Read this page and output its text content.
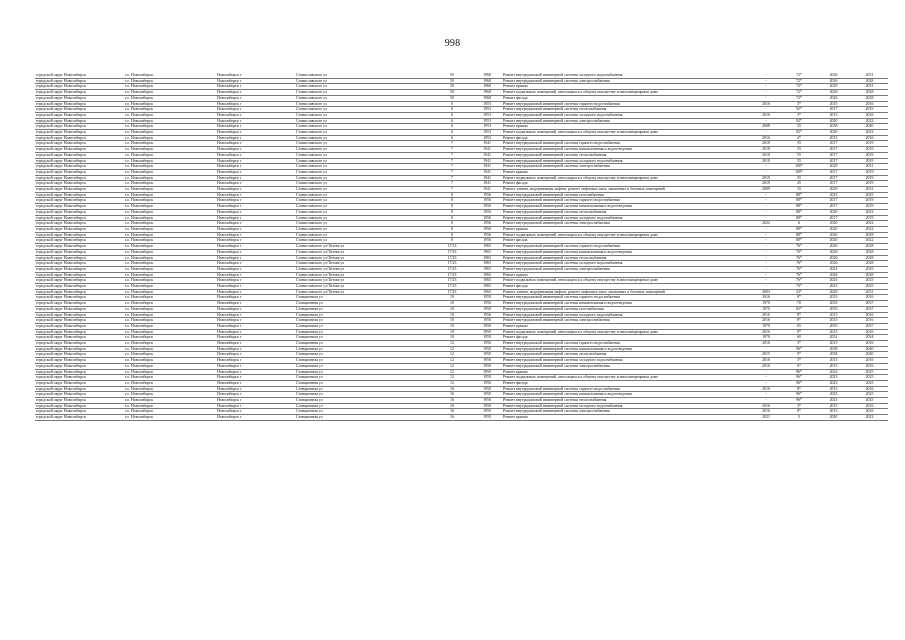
998
городской округ Новосибирск	г.о. Новосибирск	Новосибирск г	Станиславского ул	50	1968	Ремонт внутридомовой инженерной системы холодного водоснабжения	-	72*	2026	2031
городской округ Новосибирск	г.о. Новосибирск	Новосибирск г	Станиславского ул	50	1968	Ремонт внутридомовой инженерной системы электроснабжения	-	72*	2026	2028
городской округ Новосибирск	г.о. Новосибирск	Новосибирск г	Станиславского ул	50	1968	Ремонт крыши	-	72*	2029	2031
городской округ Новосибирск	г.о. Новосибирск	Новосибирск г	Станиславского ул	50	1968	Ремонт подвальных помещений, относящихся к общему имуществу в многоквартирном доме	-	72*	2026	2028
городской округ Новосибирск	г.о. Новосибирск	Новосибирск г	Станиславского ул	50	1968	Ремонт фасада	-	72*	2026	2028
городской округ Новосибирск	г.о. Новосибирск	Новосибирск г	Станиславского ул	6	1953	Ремонт внутридомовой инженерной системы горячего водоснабжения	2016	3*	2015	2016
городской округ Новосибирск	г.о. Новосибирск	Новосибирск г	Станиславского ул	6	1953	Ремонт внутридомовой инженерной системы теплоснабжения	-	92*	2017	2019
городской округ Новосибирск	г.о. Новосибирск	Новосибирск г	Станиславского ул	6	1953	Ремонт внутридомовой инженерной системы холодного водоснабжения	2016	3*	2015	2016
городской округ Новосибирск	г.о. Новосибирск	Новосибирск г	Станиславского ул	6	1953	Ремонт внутридомовой инженерной системы электроснабжения	-	92*	2020	2022
городской округ Новосибирск	г.о. Новосибирск	Новосибирск г	Станиславского ул	6	1953	Ремонт крыши	2008	35	2038	2040
городской округ Новосибирск	г.о. Новосибирск	Новосибирск г	Станиславского ул	6	1953	Ремонт подвальных помещений, относящихся к общему имуществу в многоквартирном доме	-	92*	2020	2022
городской округ Новосибирск	г.о. Новосибирск	Новосибирск г	Станиславского ул	6	1953	Ремонт фасада	2016	4*	2015	2016
городской округ Новосибирск	г.о. Новосибирск	Новосибирск г	Станиславского ул	7	1941	Ремонт внутридомовой инженерной системы горячего водоснабжения	2018	55	2017	2019
городской округ Новосибирск	г.о. Новосибирск	Новосибирск г	Станиславского ул	7	1941	Ремонт внутридомовой инженерной системы канализования и водоотведения	2018	55	2017	2019
городской округ Новосибирск	г.о. Новосибирск	Новосибирск г	Станиславского ул	7	1941	Ремонт внутридомовой инженерной системы теплоснабжения	2018	55	2017	2019
городской округ Новосибирск	г.о. Новосибирск	Новосибирск г	Станиславского ул	7	1941	Ремонт внутридомовой инженерной системы холодного водоснабжения	2018	55	2017	2019
городской округ Новосибирск	г.о. Новосибирск	Новосибирск г	Станиславского ул	7	1941	Ремонт внутридомовой инженерной системы электроснабжения	-	100*	2029	2031
городской округ Новосибирск	г.о. Новосибирск	Новосибирск г	Станиславского ул	7	1941	Ремонт крыши	-	100*	2017	2019
городской округ Новосибирск	г.о. Новосибирск	Новосибирск г	Станиславского ул	7	1941	Ремонт подвальных помещений, относящихся к общему имуществу в многоквартирном доме	2019	55	2017	2019
городской округ Новосибирск	г.о. Новосибирск	Новосибирск г	Станиславского ул	7	1941	Ремонт фасада	2019	45	2017	2019
городской округ Новосибирск	г.о. Новосибирск	Новосибирск г	Станиславского ул	7	1941	Ремонт, замена, модернизация лифтов, ремонт лифтовых шахт, машинных и блочных помещений	2009	35	2029	2031
городской округ Новосибирск	г.о. Новосибирск	Новосибирск г	Станиславского ул	8	1956	Ремонт внутридомовой инженерной системы газоснабжения	-	88*	2023	2025
городской округ Новосибирск	г.о. Новосибирск	Новосибирск г	Станиславского ул	8	1956	Ремонт внутридомовой инженерной системы горячего водоснабжения	-	88*	2017	2019
городской округ Новосибирск	г.о. Новосибирск	Новосибирск г	Станиславского ул	8	1956	Ремонт внутридомовой инженерной системы канализования и водоотведения	-	88*	2017	2019
городской округ Новосибирск	г.о. Новосибирск	Новосибирск г	Станиславского ул	8	1956	Ремонт внутридомовой инженерной системы теплоснабжения	-	88*	2020	2022
городской округ Новосибирск	г.о. Новосибирск	Новосибирск г	Станиславского ул	8	1956	Ремонт внутридомовой инженерной системы холодного водоснабжения	-	88*	2017	2019
городской округ Новосибирск	г.о. Новосибирск	Новосибирск г	Станиславского ул	8	1956	Ремонт внутридомовой инженерной системы электроснабжения	2022	6	2020	2022
городской округ Новосибирск	г.о. Новосибирск	Новосибирск г	Станиславского ул	8	1956	Ремонт крыши	-	88*	2020	2022
городской округ Новосибирск	г.о. Новосибирск	Новосибирск г	Станиславского ул	8	1956	Ремонт подвальных помещений, относящихся к общему имуществу в многоквартирном доме	-	88*	2026	2028
городской округ Новосибирск	г.о. Новосибирск	Новосибирск г	Станиславского ул	8	1956	Ремонт фасада	-	88*	2020	2022
городской округ Новосибирск	г.о. Новосибирск	Новосибирск г	Станиславского ул/Титова ул	17/23	1965	Ремонт внутридомовой инженерной системы горячего водоснабжения	-	76*	2026	2028
городской округ Новосибирск	г.о. Новосибирск	Новосибирск г	Станиславского ул/Титова ул	17/23	1965	Ремонт внутридомовой инженерной системы канализования и водоотведения	-	76*	2026	2028
городской округ Новосибирск	г.о. Новосибирск	Новосибирск г	Станиславского ул/Титова ул	17/23	1965	Ремонт внутридомовой инженерной системы теплоснабжения	-	76*	2026	2028
городской округ Новосибирск	г.о. Новосибирск	Новосибирск г	Станиславского ул/Титова ул	17/23	1965	Ремонт внутридомовой инженерной системы холодного водоснабжения	-	76*	2026	2028
городской округ Новосибирск	г.о. Новосибирск	Новосибирск г	Станиславского ул/Титова ул	17/23	1965	Ремонт внутридомовой инженерной системы электроснабжения	-	76*	2023	2025
городской округ Новосибирск	г.о. Новосибирск	Новосибирск г	Станиславского ул/Титова ул	17/23	1965	Ремонт крыши	-	76*	2026	2028
городской округ Новосибирск	г.о. Новосибирск	Новосибирск г	Станиславского ул/Титова ул	17/23	1965	Ремонт подвальных помещений, относящихся к общему имуществу в многоквартирном доме	-	76*	2023	2025
городской округ Новосибирск	г.о. Новосибирск	Новосибирск г	Станиславского ул/Титова ул	17/23	1965	Ремонт фасада	-	76*	2023	2025
городской округ Новосибирск	г.о. Новосибирск	Новосибирск г	Станиславского ул/Титова ул	17/23	1965	Ремонт, замена, модернизация лифтов, ремонт лифтовых шахт, машинных и блочных помещений	2003	23*	2029	2031
городской округ Новосибирск	г.о. Новосибирск	Новосибирск г	Станционная ул	10	1950	Ремонт внутридомовой инженерной системы горячего водоснабжения	2016	8*	2015	2016
городской округ Новосибирск	г.о. Новосибирск	Новосибирск г	Станционная ул	10	1950	Ремонт внутридомовой инженерной системы канализования и водоотведения	1970	70	2035	2037
городской округ Новосибирск	г.о. Новосибирск	Новосибирск г	Станционная ул	10	1950	Ремонт внутридомовой инженерной системы газоснабжения	1970	65*	2035	2037
городской округ Новосибирск	г.о. Новосибирск	Новосибирск г	Станционная ул	10	1950	Ремонт внутридомовой инженерной системы холодного водоснабжения	2016	8*	2015	2016
городской округ Новосибирск	г.о. Новосибирск	Новосибирск г	Станционная ул	10	1950	Ремонт внутридомовой инженерной системы электроснабжения	2016	8*	2015	2016
городской округ Новосибирск	г.о. Новосибирск	Новосибирск г	Станционная ул	10	1950	Ремонт крыши	1970	65	2035	2037
городской округ Новосибирск	г.о. Новосибирск	Новосибирск г	Станционная ул	10	1950	Ремонт подвальных помещений, относящихся к общему имуществу в многоквартирном доме	2016	8*	2015	2016
городской округ Новосибирск	г.о. Новосибирск	Новосибирск г	Станционная ул	10	1950	Ремонт фасада	1970	60	2032	2034
городской округ Новосибирск	г.о. Новосибирск	Новосибирск г	Станционная ул	12	1950	Ремонт внутридомовой инженерной системы горячего водоснабжения	2016	3*	2015	2016
городской округ Новосибирск	г.о. Новосибирск	Новосибирск г	Станционная ул	12	1950	Ремонт внутридомовой инженерной системы канализования и водоотведения	-	96*	2038	2040
городской округ Новосибирск	г.о. Новосибирск	Новосибирск г	Станционная ул	12	1950	Ремонт внутридомовой инженерной системы теплоснабжения	2015	9*	2038	2040
городской округ Новосибирск	г.о. Новосибирск	Новосибирск г	Станционная ул	12	1950	Ремонт внутридомовой инженерной системы холодного водоснабжения	2016	3*	2015	2016
городской округ Новосибирск	г.о. Новосибирск	Новосибирск г	Станционная ул	12	1950	Ремонт внутридомовой инженерной системы электроснабжения	2016	6*	2015	2016
городской округ Новосибирск	г.о. Новосибирск	Новосибирск г	Станционная ул	12	1950	Ремонт крыши	-	96*	2023	2025
городской округ Новосибирск	г.о. Новосибирск	Новосибирск г	Станционная ул	12	1950	Ремонт подвальных помещений, относящихся к общему имуществу в многоквартирном доме	-	96*	2023	2025
городской округ Новосибирск	г.о. Новосибирск	Новосибирск г	Станционная ул	12	1950	Ремонт фасада	-	96*	2023	2025
городской округ Новосибирск	г.о. Новосибирск	Новосибирск г	Станционная ул	16	1950	Ремонт внутридомовой инженерной системы горячего водоснабжения	2016	8*	2015	2016
городской округ Новосибирск	г.о. Новосибирск	Новосибирск г	Станционная ул	16	1950	Ремонт внутридомовой инженерной системы канализования и водоотведения	-	96*	2023	2025
городской округ Новосибирск	г.о. Новосибирск	Новосибирск г	Станционная ул	16	1950	Ремонт внутридомовой инженерной системы теплоснабжения	-	96*	2023	2025
городской округ Новосибирск	г.о. Новосибирск	Новосибирск г	Станционная ул	16	1950	Ремонт внутридомовой инженерной системы холодного водоснабжения	2016	3*	2015	2016
городской округ Новосибирск	г.о. Новосибирск	Новосибирск г	Станционная ул	16	1950	Ремонт внутридомовой инженерной системы электроснабжения	2016	8*	2015	2016
городской округ Новосибирск	г.о. Новосибирск	Новосибирск г	Станционная ул	16	1950	Ремонт крыши	2021	5	2020	2022
